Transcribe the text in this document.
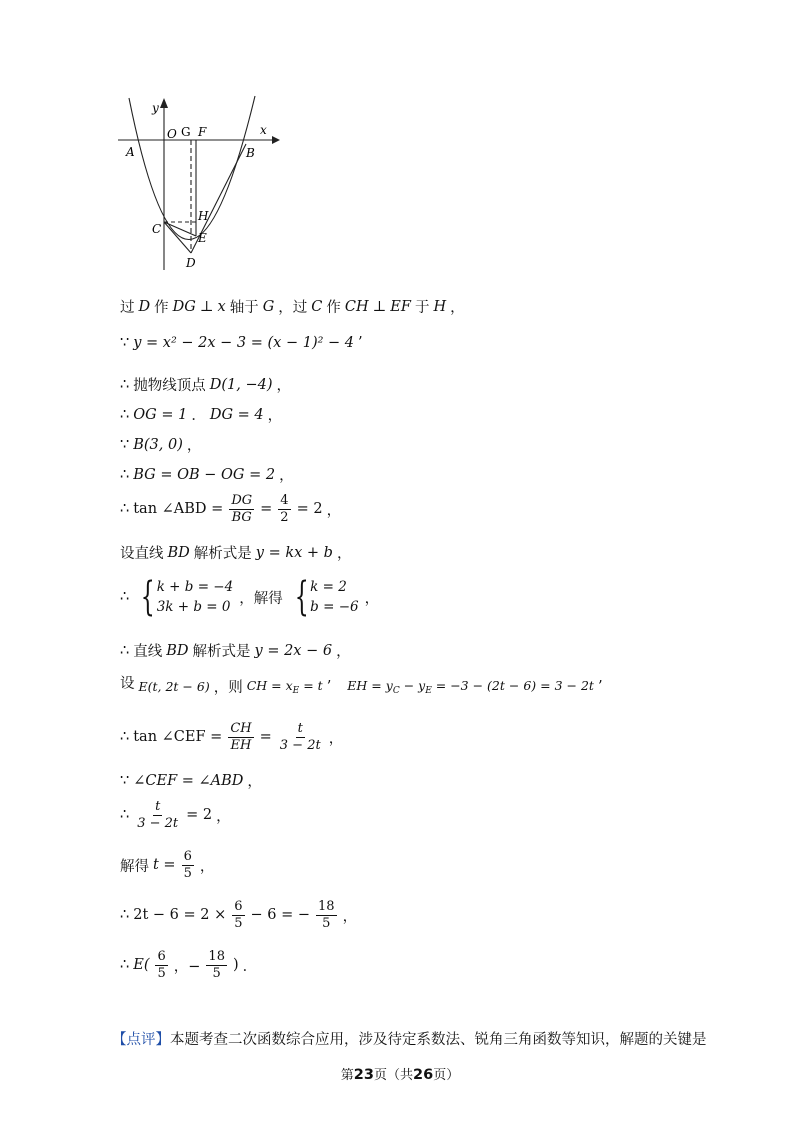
y
x
O G F
A	B
C
H
E
D
过 D 作 DG ⊥ x 轴于 G ，过 C 作 CH ⊥ EF 于 H ，
∵ y = x² − 2x − 3 = (x − 1)² − 4 ’
∴ 抛物线顶点 D(1, −4) ，
∴ OG = 1 ． DG = 4 ，
∵ B(3, 0) ，
∴ BG = OB − OG = 2 ，
∴ tan ∠ABD = $\frac{DG}{BG} = \frac{4}{2} = 2$ ，
设直线 BD 解析式是 y = kx + b ，
∴ { k + b = −4
3k + b = 0
，解得 { k = 2
b = −6
，
∴ 直线 BD 解析式是 y = 2x − 6 ，
设 E(t, 2t − 6) ，则 CH = $x_E = t$ ’ EH = $y_C - y_E = -3 - (2t - 6) = 3 - 2t$ ’
∴ tan ∠CEF = $\frac{CH}{EH} = \frac{t}{3 - 2t}$ ，
∵ ∠CEF = ∠ABD ，
∴ $\frac{t}{3 - 2t} = 2$ ，
解得 $t = \frac{6}{5}$ ，
∴ $2t - 6 = 2 \times \frac{6}{5} - 6$ = − $\frac{18}{5}$ ，
∴ $E( \frac{6}{5}$ ，− $\frac{18}{5}$ ) ．
【点评】本题考查二次函数综合应用，涉及待定系数法、锐角三角函数等知识，解题的关键是
第23页（共26页）
